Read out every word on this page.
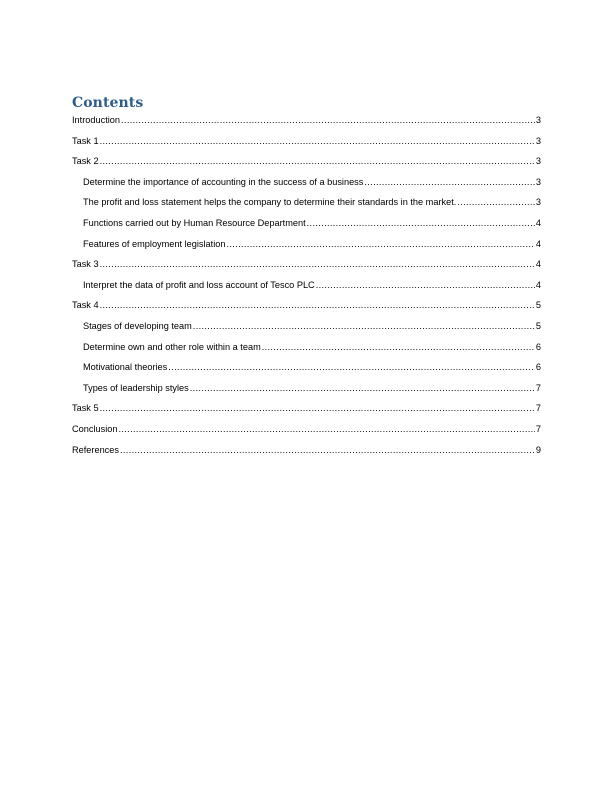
Contents
Introduction .....	3
Task 1 .....	3
Task 2 .....	3
Determine the importance of accounting in the success of a business .....	3
The profit and loss statement helps the company to determine their standards in the market. .....	3
Functions carried out by Human Resource Department .....	4
Features of employment legislation .....	4
Task 3 .....	4
Interpret the data of profit and loss account of Tesco PLC .....	4
Task 4 .....	5
Stages of developing team .....	5
Determine own and other role within a team .....	6
Motivational theories .....	6
Types of leadership styles .....	7
Task 5 .....	7
Conclusion .....	7
References .....	9
